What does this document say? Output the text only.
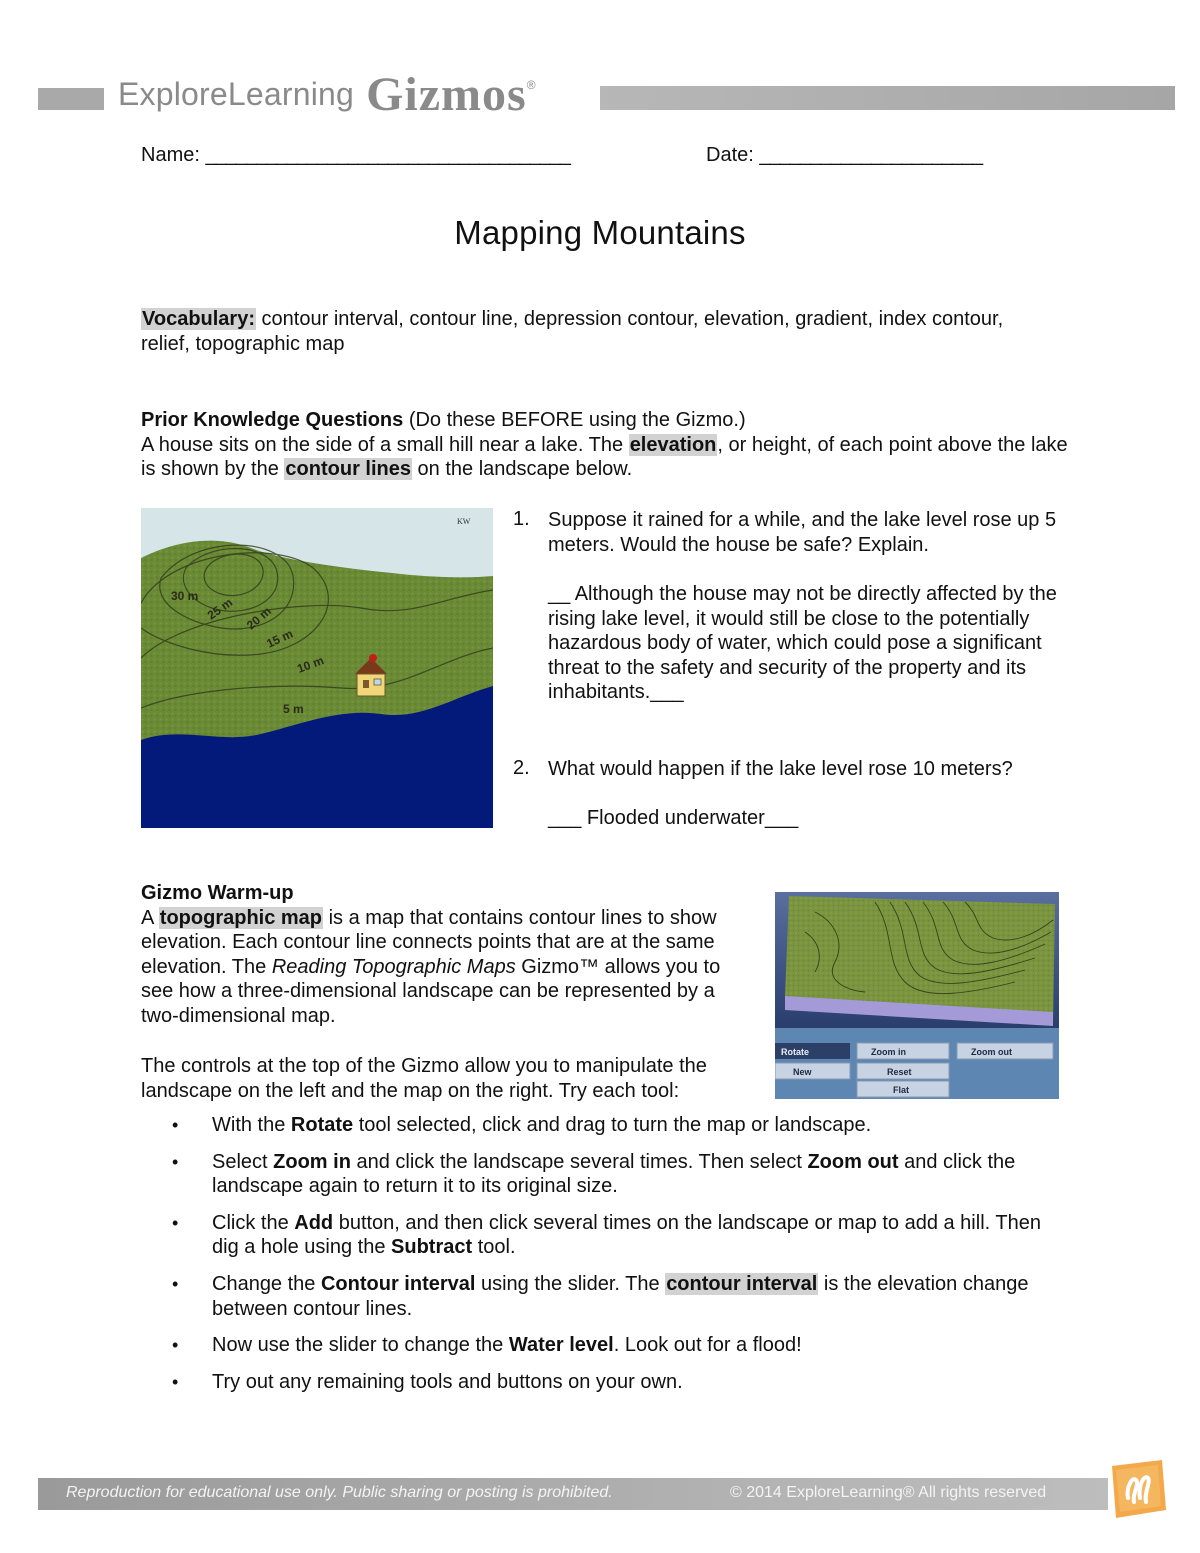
Explore Learning Gizmos ®
Name: ____________________________________	Date: ______________________
Mapping Mountains
Vocabulary: contour interval, contour line, depression contour, elevation, gradient, index contour, relief, topographic map
Prior Knowledge Questions (Do these BEFORE using the Gizmo.)
A house sits on the side of a small hill near a lake. The elevation, or height, of each point above the lake is shown by the contour lines on the landscape below.
30 m 25 m 20 m
15 m
10 m
5 m
KW 1. Suppose it rained for a while, and the lake level rose up 5 meters. Would the house be safe? Explain.
__ Although the house may not be directly affected by the rising lake level, it would still be close to the potentially hazardous body of water, which could pose a significant threat to the safety and security of the property and its inhabitants.___
2. What would happen if the lake level rose 10 meters?
___ Flooded underwater___
Gizmo Warm-up
A topographic map is a map that contains contour lines to show elevation. Each contour line connects points that are at the same elevation. The Reading Topographic Maps Gizmo™ allows you to see how a three-dimensional landscape can be represented by a two-dimensional map.
The controls at the top of the Gizmo allow you to manipulate the landscape on the left and the map on the right. Try each tool:
Rotate	Zoom in	Zoom out
New	Reset
Flat
• With the Rotate tool selected, click and drag to turn the map or landscape.
• Select Zoom in and click the landscape several times. Then select Zoom out and click the landscape again to return it to its original size.
• Click the Add button, and then click several times on the landscape or map to add a hill. Then dig a hole using the Subtract tool.
• Change the Contour interval using the slider. The contour interval is the elevation change between contour lines.
• Now use the slider to change the Water level. Look out for a flood!
• Try out any remaining tools and buttons on your own.
Reproduction for educational use only. Public sharing or posting is prohibited.	© 2014 ExploreLearning® All rights reserved
